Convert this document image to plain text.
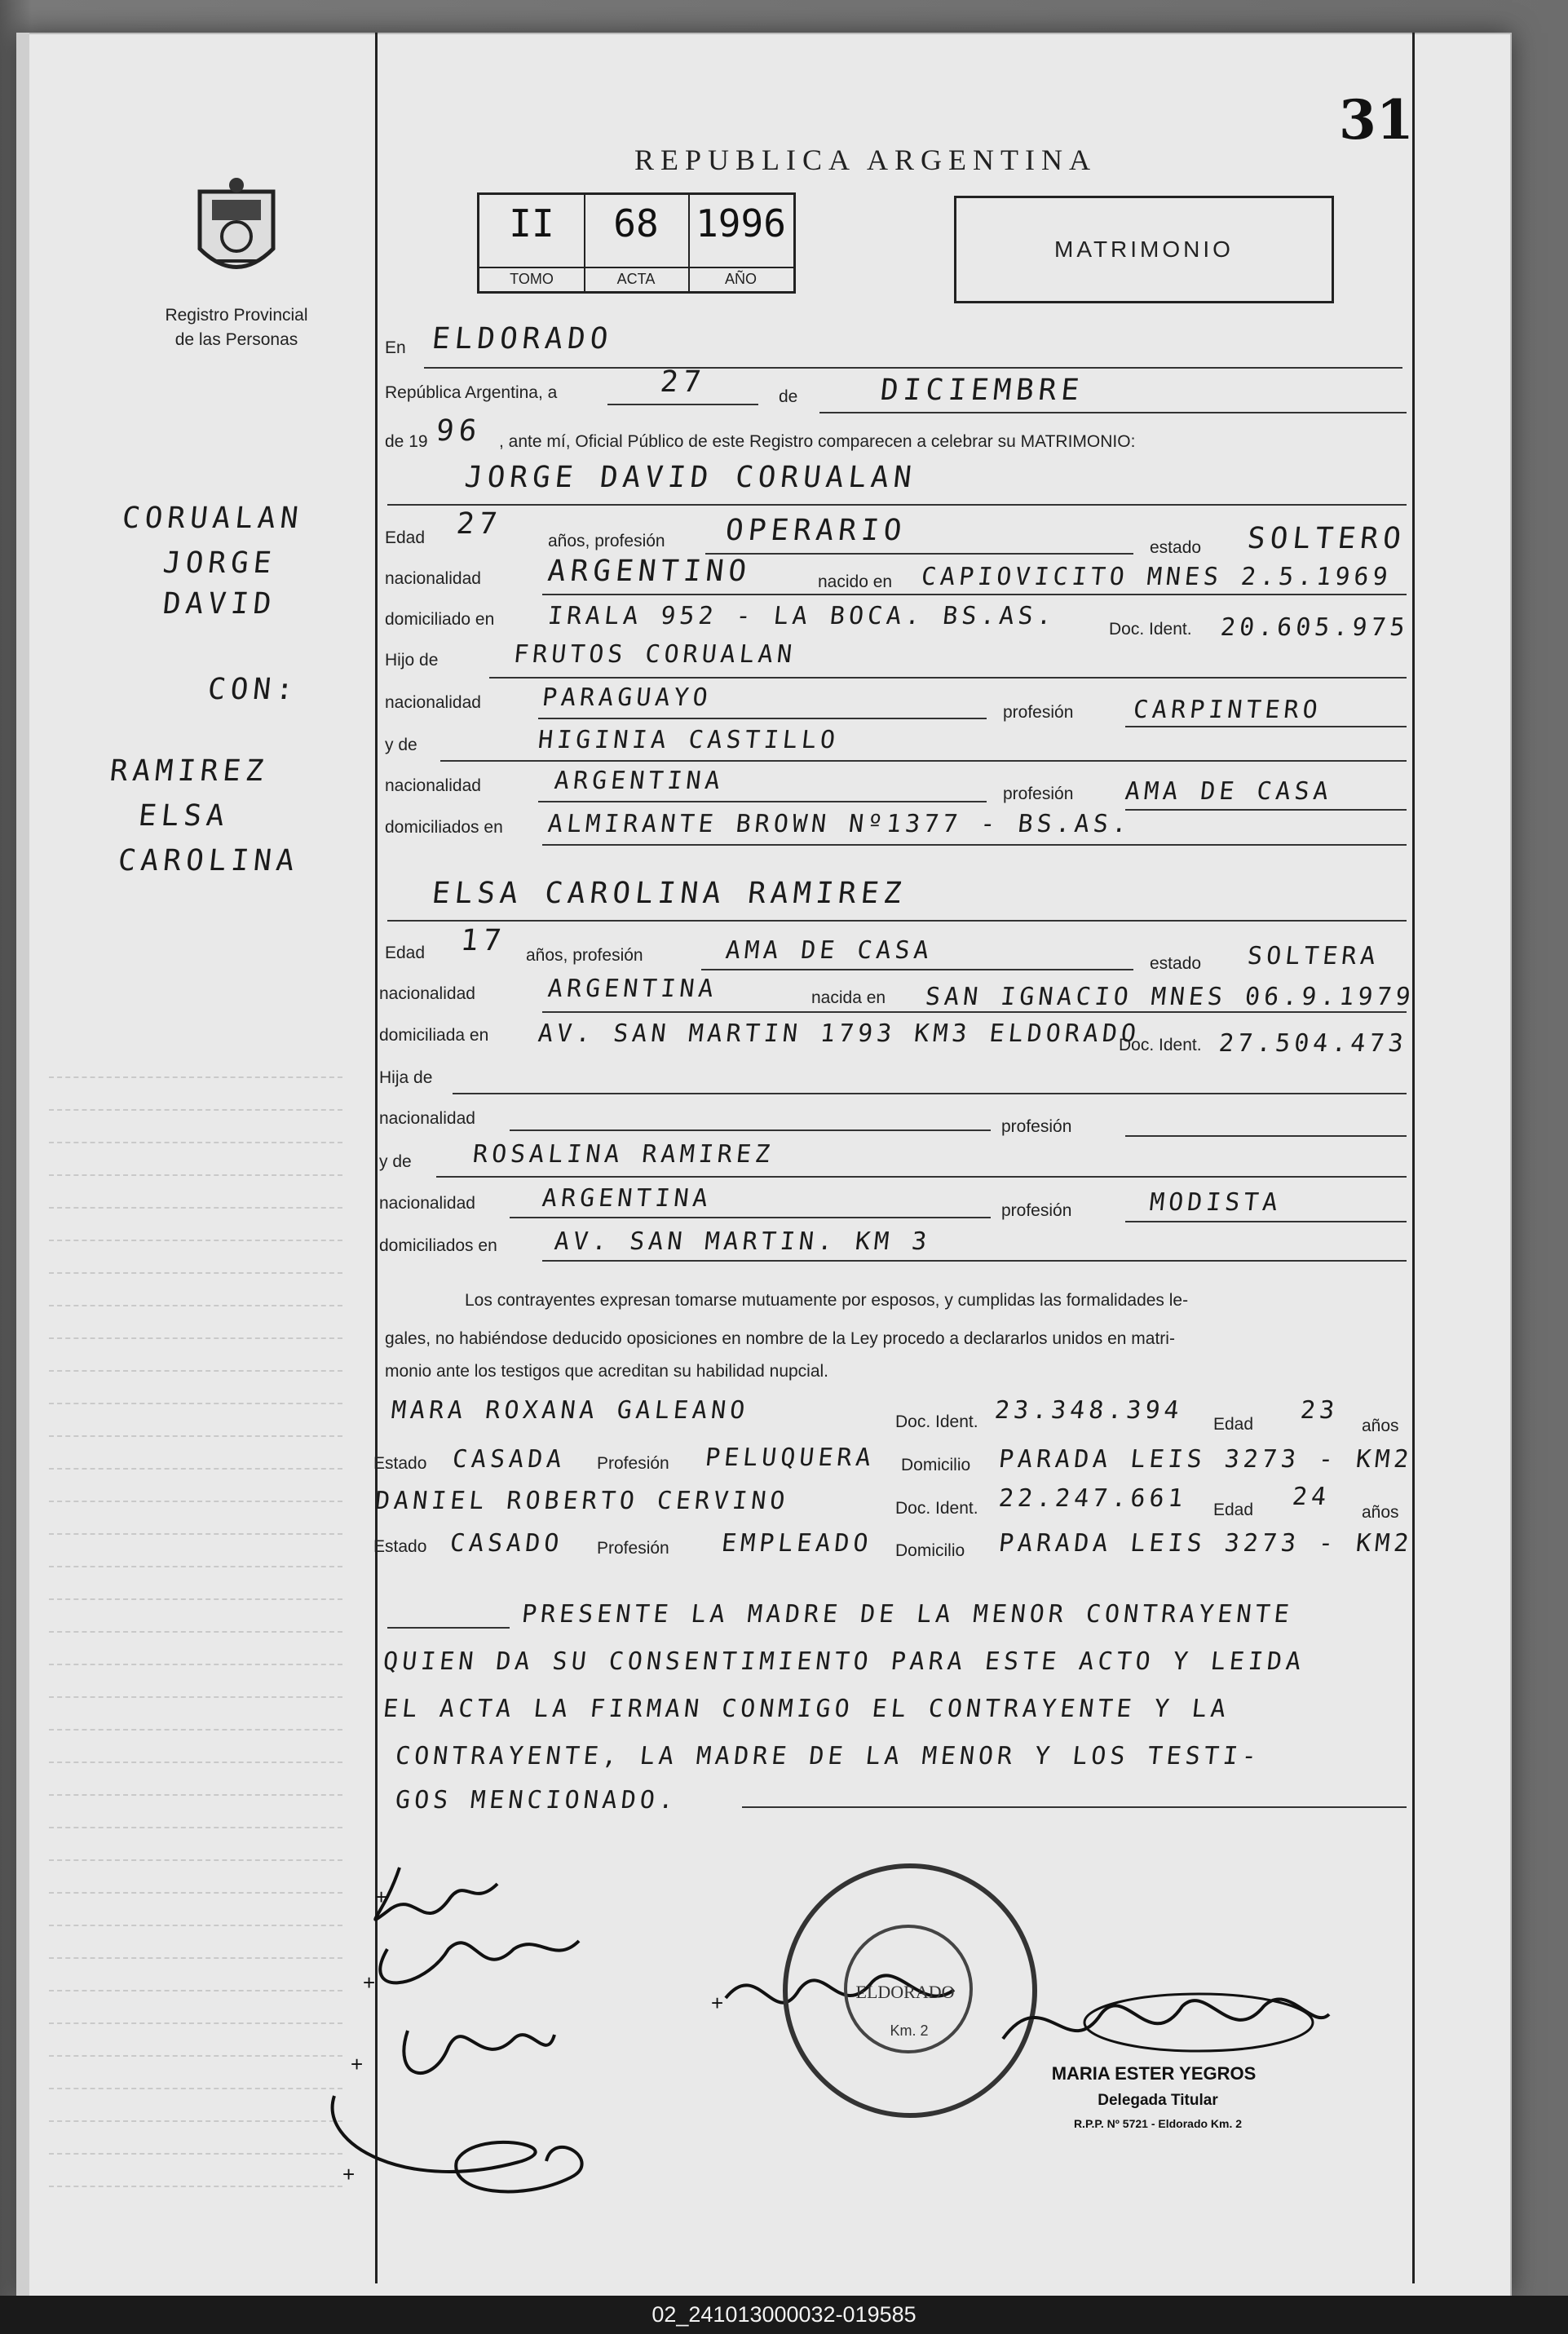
31
REPUBLICA ARGENTINA
Registro Provincial
de las Personas
II
TOMO
68
ACTA
1996
AÑO
MATRIMONIO
CORUALAN
JORGE
DAVID
CON:
RAMIREZ
ELSA
CAROLINA
En ELDORADO
República Argentina, a	27	de	DICIEMBRE
de 19 96 , ante mí, Oficial Público de este Registro comparecen a celebrar su MATRIMONIO:
JORGE DAVID CORUALAN
Edad 27
años, profesión OPERARIO
estado SOLTERO
nacionalidad ARGENTINO	nacido en CAPIOVICITO MNES 2.5.1969
domiciliado en IRALA 952 - LA BOCA. BS.AS.	Doc. Ident. 20.605.975
Hijo de	FRUTOS CORUALAN
nacionalidad PARAGUAYO
profesión CARPINTERO
y de	HIGINIA CASTILLO
nacionalidad	ARGENTINA	profesión AMA DE CASA
domiciliados en ALMIRANTE BROWN Nº1377 - BS.AS.
ELSA CAROLINA RAMIREZ
Edad 17 años, profesión	AMA DE CASA	estado SOLTERA
nacionalidad	ARGENTINA	nacida en SAN IGNACIO MNES 06.9.1979
domiciliada en AV. SAN MARTIN 1793 KM3 ELDORADO
Doc. Ident. 27.504.473
Hija de
nacionalidad	profesión
y de ROSALINA RAMIREZ
nacionalidad	ARGENTINA	profesión	MODISTA
domiciliados en AV. SAN MARTIN. KM 3
Los contrayentes expresan tomarse mutuamente por esposos, y cumplidas las formalidades le-
gales, no habiéndose deducido oposiciones en nombre de la Ley procedo a declararlos unidos en matri-
monio ante los testigos que acreditan su habilidad nupcial.
MARA ROXANA GALEANO	Doc. Ident. 23.348.394 Edad 23
años
Estado CASADA Profesión PELUQUERA Domicilio PARADA LEIS 3273 - KM2
DANIEL ROBERTO CERVINO	Doc. Ident. 22.247.661 Edad 24
años
Estado CASADO Profesión EMPLEADO Domicilio PARADA LEIS 3273 - KM2
PRESENTE LA MADRE DE LA MENOR CONTRAYENTE
QUIEN DA SU CONSENTIMIENTO PARA ESTE ACTO Y LEIDA
EL ACTA LA FIRMAN CONMIGO EL CONTRAYENTE Y LA
CONTRAYENTE, LA MADRE DE LA MENOR Y LOS TESTI-
GOS MENCIONADO.
+
+
+
+
+	ELDORADO
Km. 2
MARIA ESTER YEGROS
Delegada Titular
R.P.P. Nº 5721 - Eldorado Km. 2
02_241013000032-019585
